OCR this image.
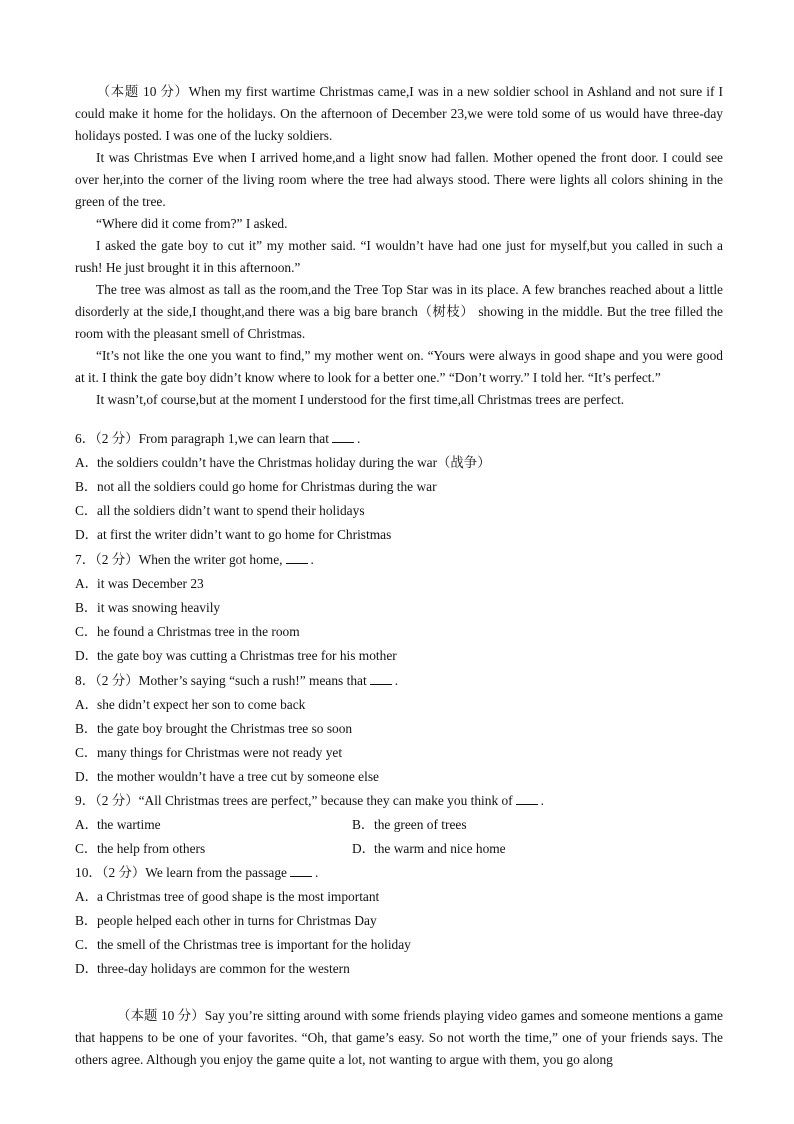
（本题 10 分）When my first wartime Christmas came,I was in a new soldier school in Ashland and not sure if I could make it home for the holidays. On the afternoon of December 23,we were told some of us would have three-day holidays posted. I was one of the lucky soldiers.

It was Christmas Eve when I arrived home,and a light snow had fallen. Mother opened the front door. I could see over her,into the corner of the living room where the tree had always stood. There were lights all colors shining in the green of the tree.

“Where did it come from?” I asked.

I asked the gate boy to cut it” my mother said. “I wouldn’t have had one just for myself,but you called in such a rush! He just brought it in this afternoon.”

The tree was almost as tall as the room,and the Tree Top Star was in its place. A few branches reached about a little disorderly at the side,I thought,and there was a big bare branch（树枝） showing in the middle. But the tree filled the room with the pleasant smell of Christmas.

“It’s not like the one you want to find,” my mother went on. “Yours were always in good shape and you were good at it. I think the gate boy didn’t know where to look for a better one.” “Don’t worry.” I told her. “It’s perfect.”

It wasn’t,of course,but at the moment I understood for the first time,all Christmas trees are perfect.

6．（2 分）From paragraph 1,we can learn that .
A．the soldiers couldn’t have the Christmas holiday during the war（战争）
B．not all the soldiers could go home for Christmas during the war
C．all the soldiers didn’t want to spend their holidays
D．at first the writer didn’t want to go home for Christmas
7．（2 分）When the writer got home, .
A．it was December 23
B．it was snowing heavily
C．he found a Christmas tree in the room
D．the gate boy was cutting a Christmas tree for his mother
8．（2 分）Mother’s saying “such a rush!” means that .
A．she didn’t expect her son to come back
B．the gate boy brought the Christmas tree so soon
C．many things for Christmas were not ready yet
D．the mother wouldn’t have a tree cut by someone else
9．（2 分）“All Christmas trees are perfect,” because they can make you think of .
A．the wartime	B．the green of trees
C．the help from others	D．the warm and nice home
10．（2 分）We learn from the passage .
A．a Christmas tree of good shape is the most important
B．people helped each other in turns for Christmas Day
C．the smell of the Christmas tree is important for the holiday
D．three-day holidays are common for the western

（本题 10 分）Say you’re sitting around with some friends playing video games and someone mentions a game that happens to be one of your favorites. “Oh, that game’s easy. So not worth the time,” one of your friends says. The others agree. Although you enjoy the game quite a lot, not wanting to argue with them, you go along
